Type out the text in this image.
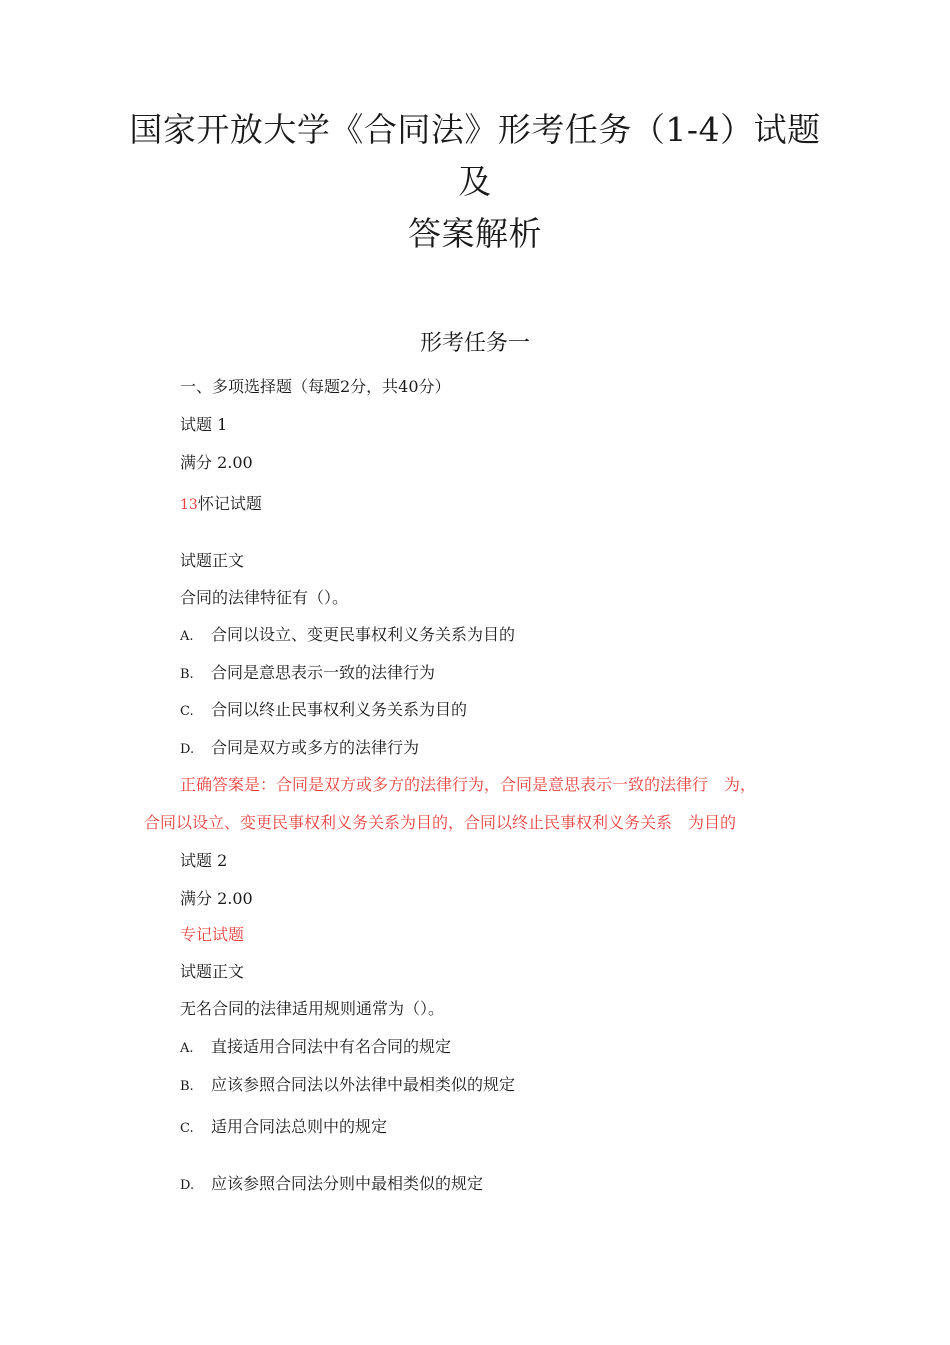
国家开放大学《合同法》形考任务（1-4）试题
及
答案解析
形考任务一
一、多项选择题（每题2分，共40分）
试题 1
满分 2.00
13怀记试题
试题正文
合同的法律特征有（）。
A. 合同以设立、变更民事权利义务关系为目的
B. 合同是意思表示一致的法律行为
C. 合同以终止民事权利义务关系为目的
D. 合同是双方或多方的法律行为
正确答案是：合同是双方或多方的法律行为，合同是意思表示一致的法律行　为，
合同以设立、变更民事权利义务关系为目的，合同以终止民事权利义务关系　为目的
试题 2
满分 2.00
专记试题
试题正文
无名合同的法律适用规则通常为（）。
A. 直接适用合同法中有名合同的规定
B. 应该参照合同法以外法律中最相类似的规定
C. 适用合同法总则中的规定
D. 应该参照合同法分则中最相类似的规定
